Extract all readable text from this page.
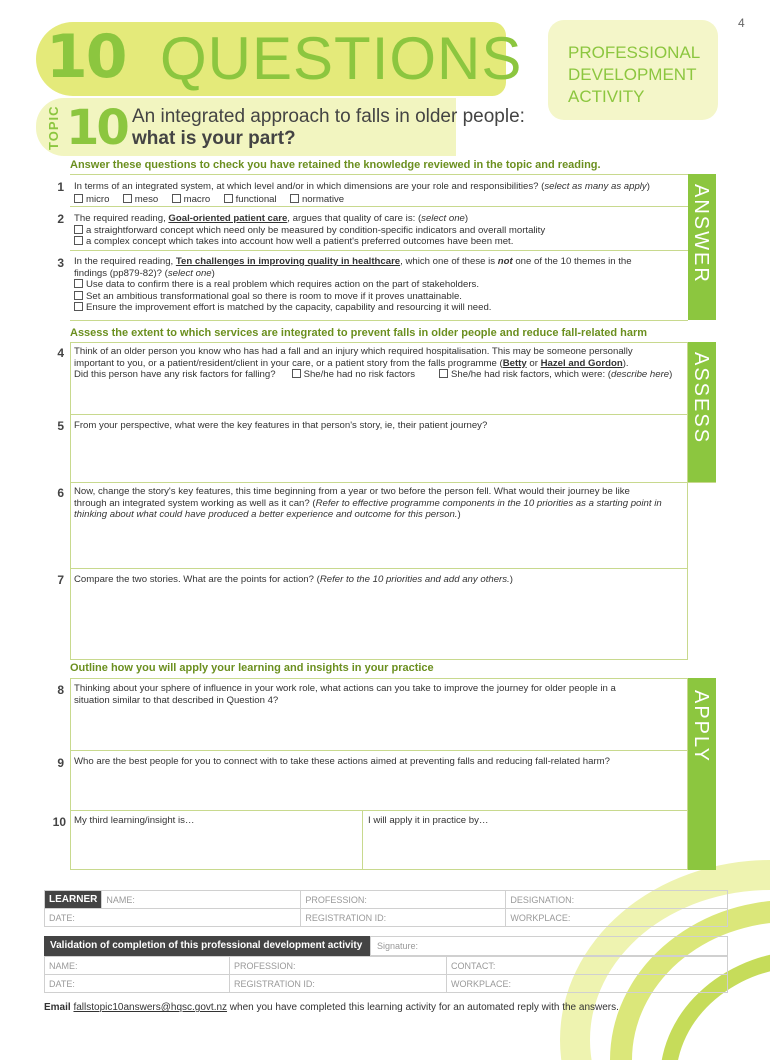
4
10 QUESTIONS	PROFESSIONAL
DEVELOPMENT
ACTIVITY
TOPIC 10 An integrated approach to falls in older people:
what is your part?
Answer these questions to check you have retained the knowledge reviewed in the topic and reading.
ANSWER
1 In terms of an integrated system, at which level and/or in which dimensions are your role and responsibilities? (select as many as apply)
micro	meso	macro	functional	normative
2 The required reading, Goal-oriented patient care, argues that quality of care is: (select one)
a straightforward concept which need only be measured by condition-specific indicators and overall mortality
a complex concept which takes into account how well a patient's preferred outcomes have been met.
3 In the required reading, Ten challenges in improving quality in healthcare, which one of these is not one of the 10 themes in the
findings (pp879-82)? (select one)
Use data to confirm there is a real problem which requires action on the part of stakeholders.
Set an ambitious transformational goal so there is room to move if it proves unattainable.
Ensure the improvement effort is matched by the capacity, capability and resourcing it will need.
Assess the extent to which services are integrated to prevent falls in older people and reduce fall-related harm
ASSESS
4 Think of an older person you know who has had a fall and an injury which required hospitalisation. This may be someone personally
important to you, or a patient/resident/client in your care, or a patient story from the falls programme (Betty or Hazel and Gordon).
Did this person have any risk factors for falling?	She/he had no risk factors	She/he had risk factors, which were: (describe here)
5 From your perspective, what were the key features in that person's story, ie, their patient journey?
6 Now, change the story's key features, this time beginning from a year or two before the person fell. What would their journey be like
through an integrated system working as well as it can? (Refer to effective programme components in the 10 priorities as a starting point in
thinking about what could have produced a better experience and outcome for this person.)
7 Compare the two stories. What are the points for action? (Refer to the 10 priorities and add any others.)
Outline how you will apply your learning and insights in your practice
APPLY
8 Thinking about your sphere of influence in your work role, what actions can you take to improve the journey for older people in a
situation similar to that described in Question 4?
9 Who are the best people for you to connect with to take these actions aimed at preventing falls and reducing fall-related harm?
10 My third learning/insight is…	I will apply it in practice by…
LEARNER	NAME:	PROFESSION:	DESIGNATION:
DATE:		REGISTRATION ID:	WORKPLACE:
Validation of completion of this professional development activity	Signature:
NAME:	PROFESSION:	CONTACT:
DATE:	REGISTRATION ID:	WORKPLACE:
Email fallstopic10answers@hqsc.govt.nz when you have completed this learning activity for an automated reply with the answers.
